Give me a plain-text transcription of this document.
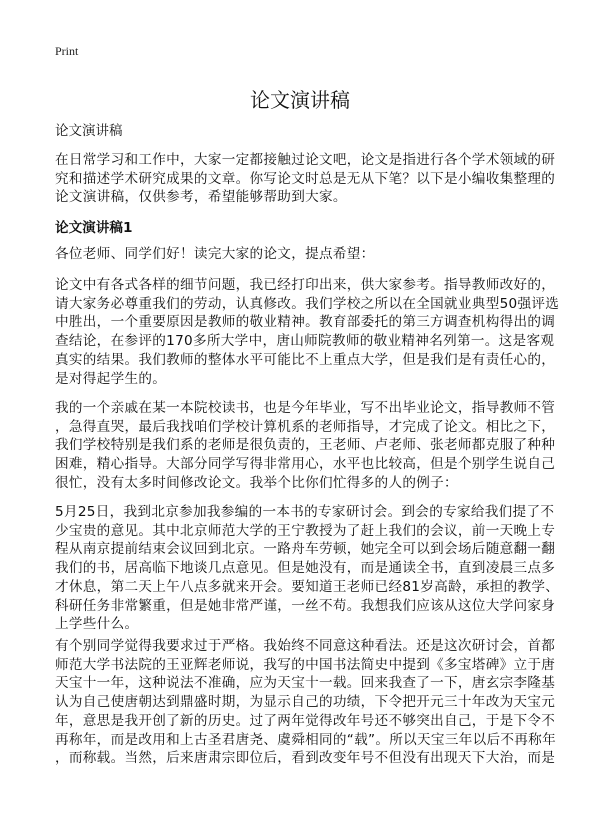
Print
论文演讲稿
论文演讲稿
在日常学习和工作中，大家一定都接触过论文吧，论文是指进行各个学术领域的研
究和描述学术研究成果的文章。你写论文时总是无从下笔？以下是小编收集整理的
论文演讲稿，仅供参考，希望能够帮助到大家。
论文演讲稿1
各位老师、同学们好！读完大家的论文，提点希望：
论文中有各式各样的细节问题，我已经打印出来，供大家参考。指导教师改好的，
请大家务必尊重我们的劳动，认真修改。我们学校之所以在全国就业典型50强评选
中胜出，一个重要原因是教师的敬业精神。教育部委托的第三方调查机构得出的调
查结论，在参评的170多所大学中，唐山师院教师的敬业精神名列第一。这是客观
真实的结果。我们教师的整体水平可能比不上重点大学，但是我们是有责任心的，
是对得起学生的。
我的一个亲戚在某一本院校读书，也是今年毕业，写不出毕业论文，指导教师不管
，急得直哭，最后我找咱们学校计算机系的老师指导，才完成了论文。相比之下，
我们学校特别是我们系的老师是很负责的，王老师、卢老师、张老师都克服了种种
困难，精心指导。大部分同学写得非常用心，水平也比较高，但是个别学生说自己
很忙，没有太多时间修改论文。我举个比你们忙得多的人的例子：
5月25日，我到北京参加我参编的一本书的专家研讨会。到会的专家给我们提了不
少宝贵的意见。其中北京师范大学的王宁教授为了赶上我们的会议，前一天晚上专
程从南京提前结束会议回到北京。一路舟车劳顿，她完全可以到会场后随意翻一翻
我们的书，居高临下地谈几点意见。但是她没有，而是通读全书，直到凌晨三点多
才休息，第二天上午八点多就来开会。要知道王老师已经81岁高龄，承担的教学、
科研任务非常繁重，但是她非常严谨，一丝不苟。我想我们应该从这位大学问家身
上学些什么。
有个别同学觉得我要求过于严格。我始终不同意这种看法。还是这次研讨会，首都
师范大学书法院的王亚辉老师说，我写的中国书法简史中提到《多宝塔碑》立于唐
天宝十一年，这种说法不准确，应为天宝十一载。回来我查了一下，唐玄宗李隆基
认为自己使唐朝达到鼎盛时期，为显示自己的功绩，下令把开元三十年改为天宝元
年，意思是我开创了新的历史。过了两年觉得改年号还不够突出自己，于是下令不
再称年，而是改用和上古圣君唐尧、虞舜相同的“载”。所以天宝三年以后不再称年
，而称载。当然，后来唐肃宗即位后，看到改变年号不但没有出现天下大治，而是
